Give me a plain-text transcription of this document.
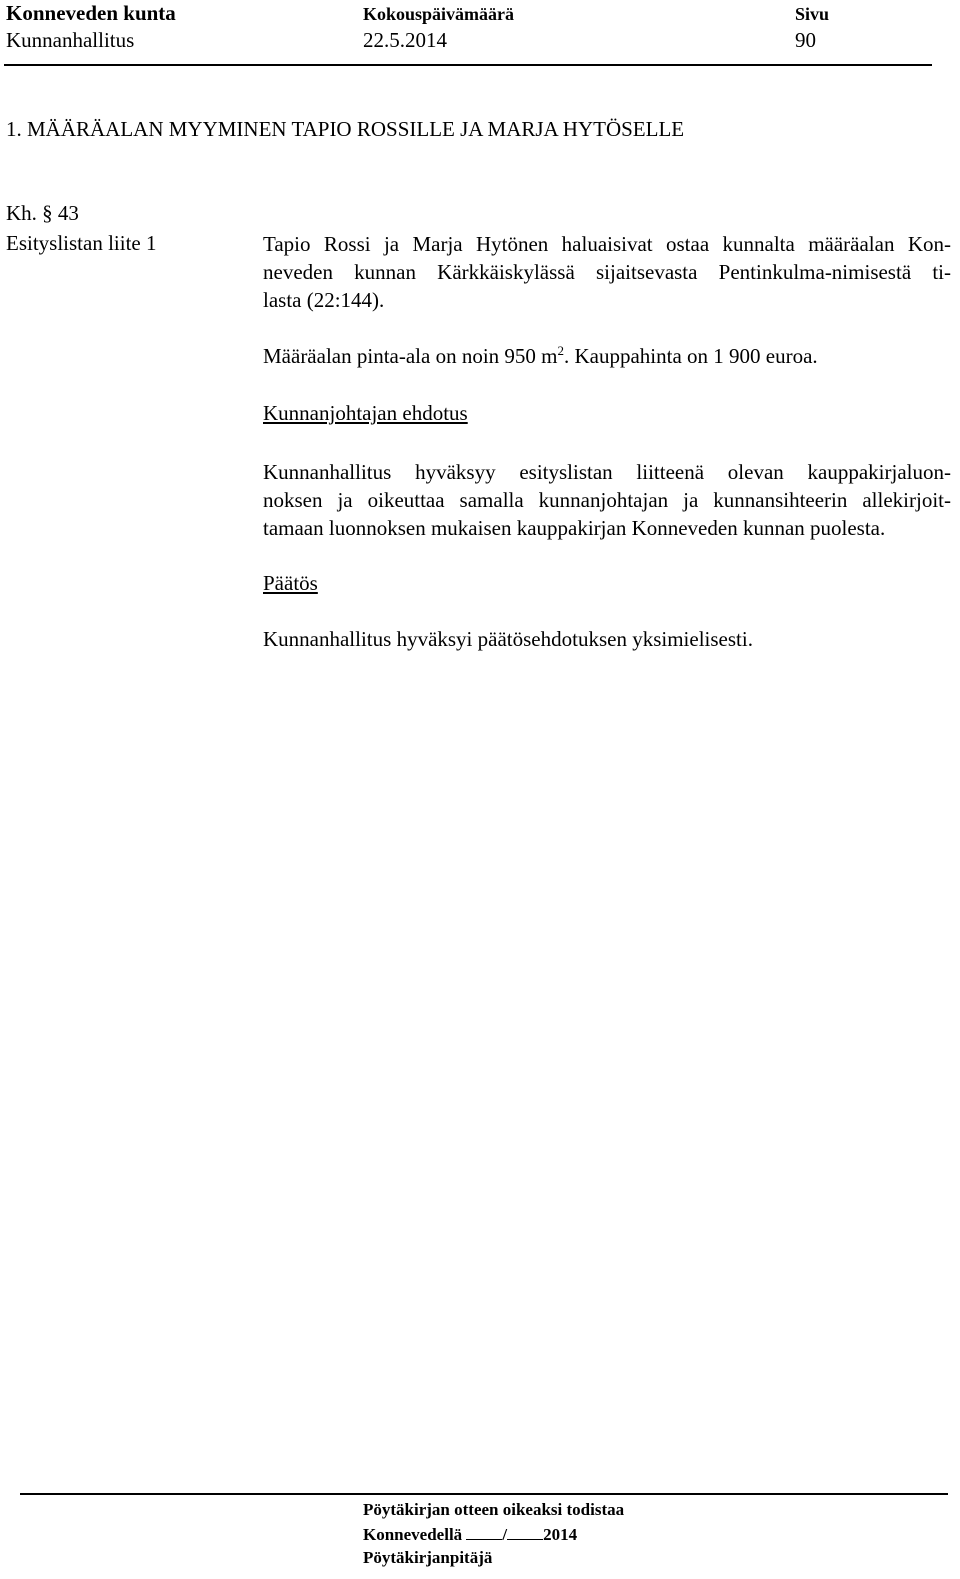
Konneveden kunta
Kunnanhallitus
Kokouspäivämäärä
22.5.2014
Sivu
90
1. MÄÄRÄALAN MYYMINEN TAPIO ROSSILLE JA MARJA HYTÖSELLE
Kh. § 43
Esityslistan liite 1	Tapio Rossi ja Marja Hytönen haluaisivat ostaa kunnalta määräalan Kon-
neveden kunnan Kärkkäiskylässä sijaitsevasta Pentinkulma-nimisestä ti-
lasta (22:144).
Määräalan pinta-ala on noin 950 $m^2$. Kauppahinta on 1 900 euroa.
Kunnanjohtajan ehdotus
Kunnanhallitus hyväksyy esityslistan liitteenä olevan kauppakirjaluon-
noksen ja oikeuttaa samalla kunnanjohtajan ja kunnansihteerin allekirjoit-
tamaan luonnoksen mukaisen kauppakirjan Konneveden kunnan puolesta.
Päätös
Kunnanhallitus hyväksyi päätösehdotuksen yksimielisesti.
Pöytäkirjan otteen oikeaksi todistaa
Konnevedellä / 2014
Pöytäkirjanpitäjä
